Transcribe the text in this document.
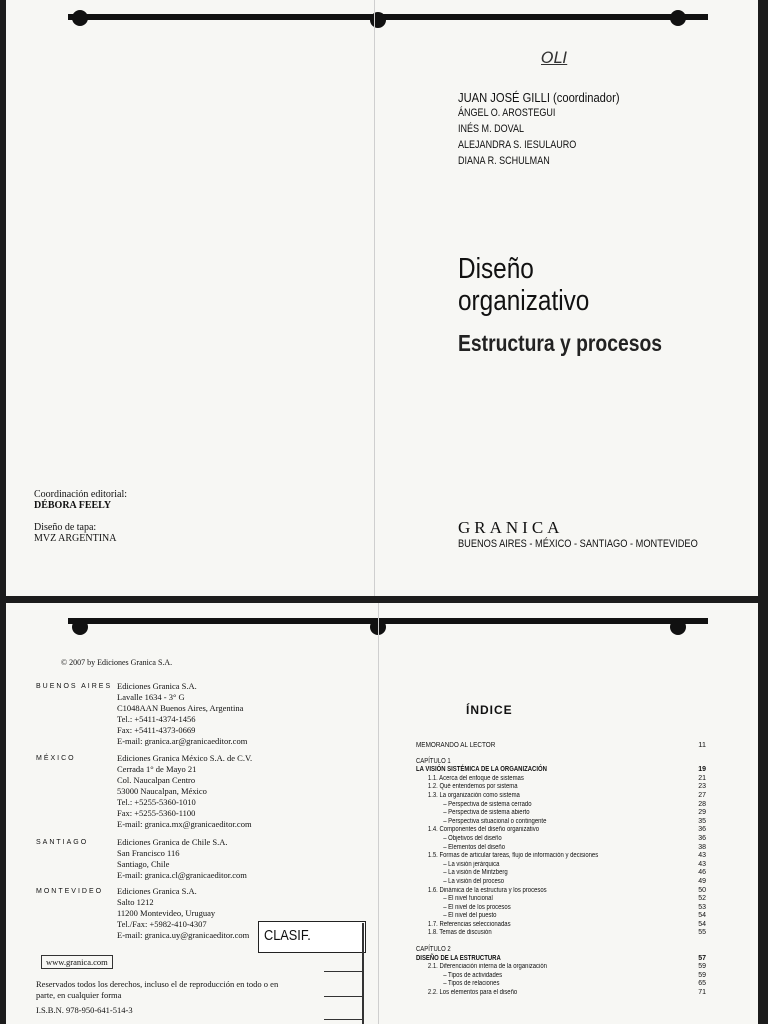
OLI
JUAN JOSÉ GILLI (coordinador)
ÁNGEL O. AROSTEGUI
INÉS M. DOVAL
ALEJANDRA S. IESULAURO
DIANA R. SCHULMAN
Diseño
organizativo
Estructura y procesos
GRANICA
BUENOS AIRES - MÉXICO - SANTIAGO - MONTEVIDEO
Coordinación editorial:
DÉBORA FEELY
Diseño de tapa:
MVZ ARGENTINA
© 2007 by Ediciones Granica S.A.
BUENOS AIRES Ediciones Granica S.A.
Lavalle 1634 - 3° G
C1048AAN Buenos Aires, Argentina
Tel.: +5411-4374-1456
Fax: +5411-4373-0669
E-mail: granica.ar@granicaeditor.com
MÉXICO	Ediciones Granica México S.A. de C.V.
Cerrada 1° de Mayo 21
Col. Naucalpan Centro
53000 Naucalpan, México
Tel.: +5255-5360-1010
Fax: +5255-5360-1100
E-mail: granica.mx@granicaeditor.com
SANTIAGO	Ediciones Granica de Chile S.A.
San Francisco 116
Santiago, Chile
E-mail: granica.cl@granicaeditor.com
MONTEVIDEO Ediciones Granica S.A.
Salto 1212
11200 Montevideo, Uruguay
Tel./Fax: +5982-410-4307
E-mail: granica.uy@granicaeditor.com CLASIF.
www.granica.com
Reservados todos los derechos, incluso el de reproducción en todo o en parte, en cualquier forma
I.S.B.N. 978-950-641-514-3
ÍNDICE
MEMORANDO AL LECTOR	11
CAPÍTULO 1
LA VISIÓN SISTÉMICA DE LA ORGANIZACIÓN	19
1.1. Acerca del enfoque de sistemas	21
1.2. Qué entendemos por sistema	23
1.3. La organización como sistema	27
– Perspectiva de sistema cerrado	28
– Perspectiva de sistema abierto	29
– Perspectiva situacional o contingente	35
1.4. Componentes del diseño organizativo	36
– Objetivos del diseño	36
– Elementos del diseño	38
1.5. Formas de articular tareas, flujo de información y decisiones	43
– La visión jerárquica	43
– La visión de Mintzberg	46
– La visión del proceso	49
1.6. Dinámica de la estructura y los procesos	50
– El nivel funcional	52
– El nivel de los procesos	53
– El nivel del puesto	54
1.7. Referencias seleccionadas	54
1.8. Temas de discusión	55
CAPÍTULO 2
DISEÑO DE LA ESTRUCTURA	57
2.1. Diferenciación interna de la organización	59
– Tipos de actividades	59
– Tipos de relaciones	65
2.2. Los elementos para el diseño	71
